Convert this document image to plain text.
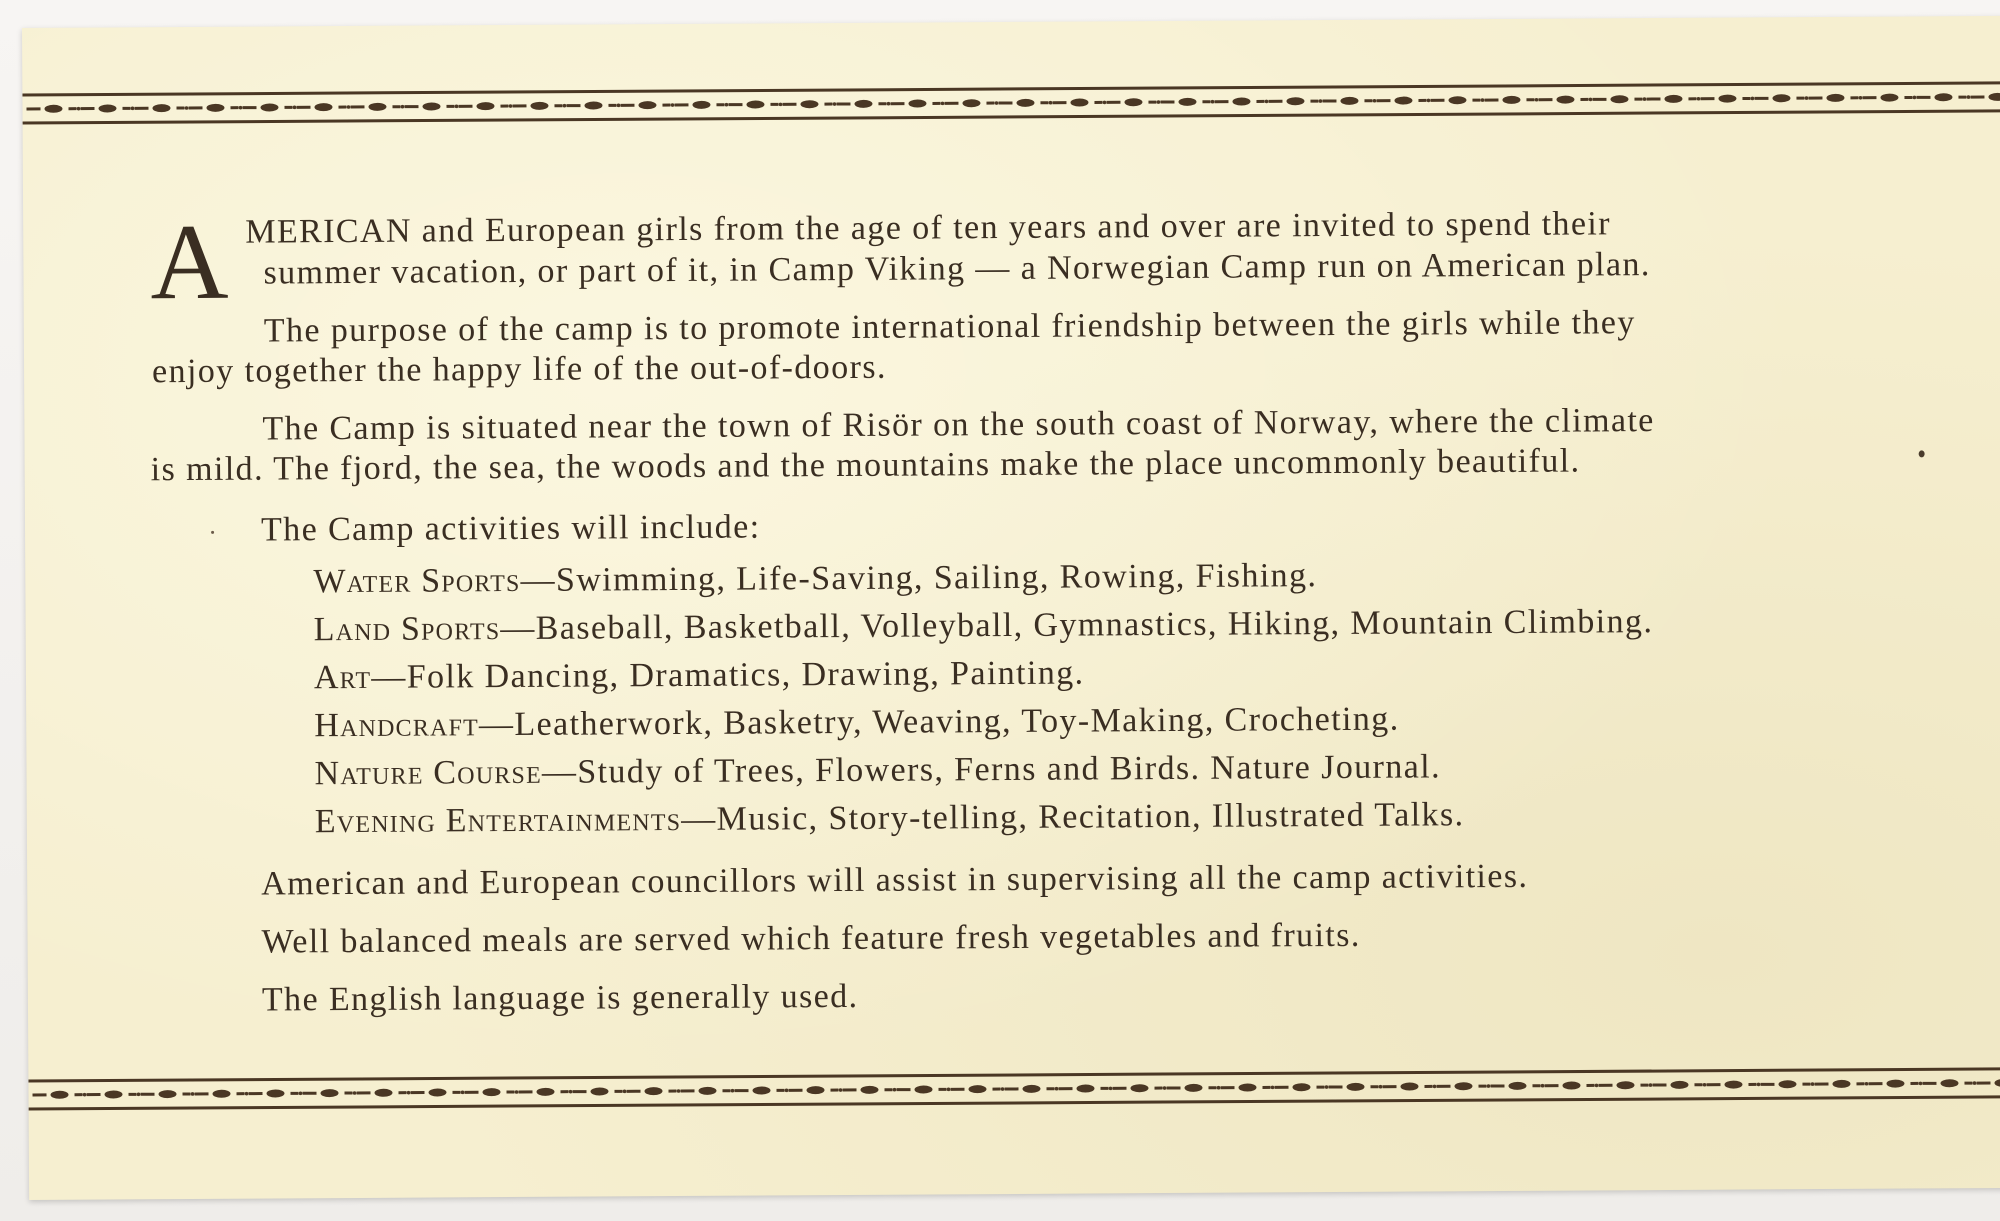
A MERICAN and European girls from the age of ten years and over are invited to spend their
summer vacation, or part of it, in Camp Viking — a Norwegian Camp run on American plan.
The purpose of the camp is to promote international friendship between the girls while they
enjoy together the happy life of the out-of-doors.
The Camp is situated near the town of Risör on the south coast of Norway, where the climate
is mild. The fjord, the sea, the woods and the mountains make the place uncommonly beautiful.
The Camp activities will include:
Water Sports—Swimming, Life-Saving, Sailing, Rowing, Fishing.
Land Sports—Baseball, Basketball, Volleyball, Gymnastics, Hiking, Mountain Climbing.
Art—Folk Dancing, Dramatics, Drawing, Painting.
Handcraft—Leatherwork, Basketry, Weaving, Toy-Making, Crocheting.
Nature Course—Study of Trees, Flowers, Ferns and Birds. Nature Journal.
Evening Entertainments—Music, Story-telling, Recitation, Illustrated Talks.
American and European councillors will assist in supervising all the camp activities.
Well balanced meals are served which feature fresh vegetables and fruits.
The English language is generally used.
